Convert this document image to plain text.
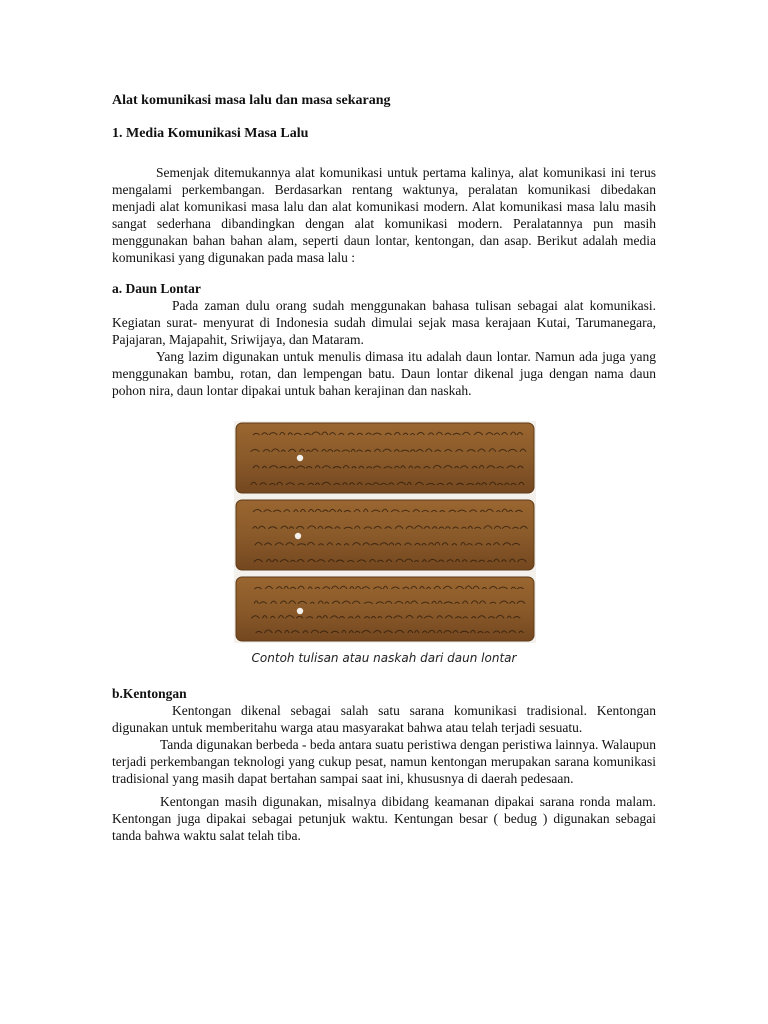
Alat komunikasi masa lalu dan masa sekarang
1. Media Komunikasi Masa Lalu

Semenjak ditemukannya alat komunikasi untuk pertama kalinya, alat komunikasi ini terus mengalami perkembangan. Berdasarkan rentang waktunya, peralatan komunikasi dibedakan menjadi alat komunikasi masa lalu dan alat komunikasi modern. Alat komunikasi masa lalu masih sangat sederhana dibandingkan dengan alat komunikasi modern. Peralatannya pun masih menggunakan bahan bahan alam, seperti daun lontar, kentongan, dan asap. Berikut adalah media komunikasi yang digunakan pada masa lalu :

a. Daun Lontar

Pada zaman dulu orang sudah menggunakan bahasa tulisan sebagai alat komunikasi. Kegiatan surat- menyurat di Indonesia sudah dimulai sejak masa kerajaan Kutai, Tarumanegara, Pajajaran, Majapahit, Sriwijaya, dan Mataram.

Yang lazim digunakan untuk menulis dimasa itu adalah daun lontar. Namun ada juga yang menggunakan bambu, rotan, dan lempengan batu. Daun lontar dikenal juga dengan nama daun pohon nira, daun lontar dipakai untuk bahan kerajinan dan naskah.

Contoh tulisan atau naskah dari daun lontar
b.Kentongan

Kentongan dikenal sebagai salah satu sarana komunikasi tradisional. Kentongan digunakan untuk memberitahu warga atau masyarakat bahwa atau telah terjadi sesuatu.

Tanda digunakan berbeda - beda antara suatu peristiwa dengan peristiwa lainnya. Walaupun terjadi perkembangan teknologi yang cukup pesat, namun kentongan merupakan sarana komunikasi tradisional yang masih dapat bertahan sampai saat ini, khususnya di daerah pedesaan.

Kentongan masih digunakan, misalnya dibidang keamanan dipakai sarana ronda malam. Kentongan juga dipakai sebagai petunjuk waktu. Kentungan besar ( bedug ) digunakan sebagai tanda bahwa waktu salat telah tiba.
